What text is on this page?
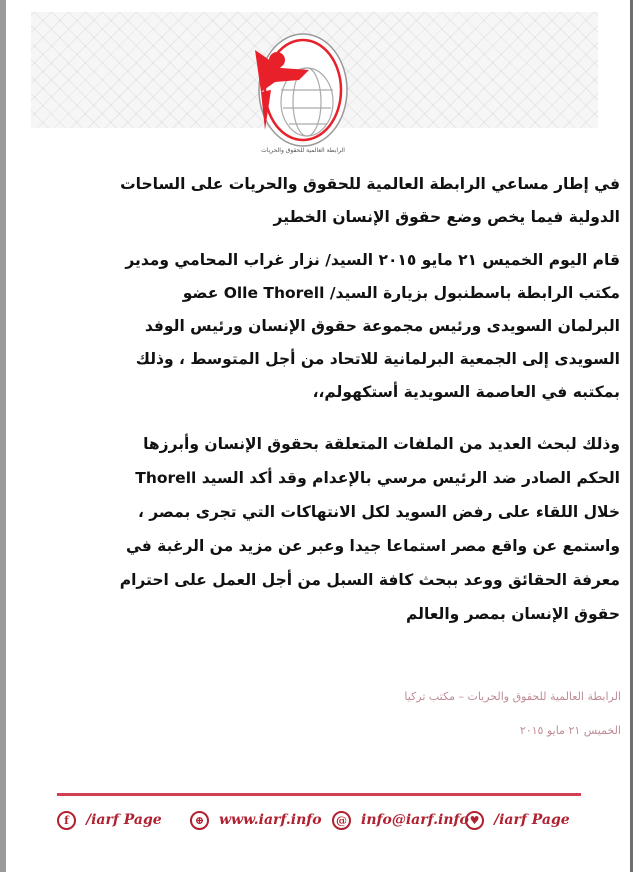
الرابطة العالمية للحقوق والحريات
في إطار مساعي الرابطة العالمية للحقوق والحريات على الساحات
الدولية فيما يخص وضع حقوق الإنسان الخطير
قام اليوم الخميس ٢١ مايو ٢٠١٥ السيد/ نزار غراب المحامي ومدير
مكتب الرابطة باسطنبول بزيارة السيد/ Olle Thorell عضو
البرلمان السويدى ورئيس مجموعة حقوق الإنسان ورئيس الوفد
السويدى إلى الجمعية البرلمانية للاتحاد من أجل المتوسط ، وذلك
بمكتبه في العاصمة السويدية أستكهولم،،
وذلك لبحث العديد من الملفات المتعلقة بحقوق الإنسان وأبرزها
الحكم الصادر ضد الرئيس مرسي بالإعدام وقد أكد السيد Thorell
خلال اللقاء على رفض السويد لكل الانتهاكات التي تجرى بمصر ،
واستمع عن واقع مصر استماعا جيدا وعبر عن مزيد من الرغبة في
معرفة الحقائق ووعد ببحث كافة السبل من أجل العمل على احترام
حقوق الإنسان بمصر والعالم
الرابطة العالمية للحقوق والحريات – مكتب تركيا
الخميس ٢١ مايو ٢٠١٥
f	/iarf Page	⊕	www.iarf.info	@ info@iarf.info ♥	/iarf Page
